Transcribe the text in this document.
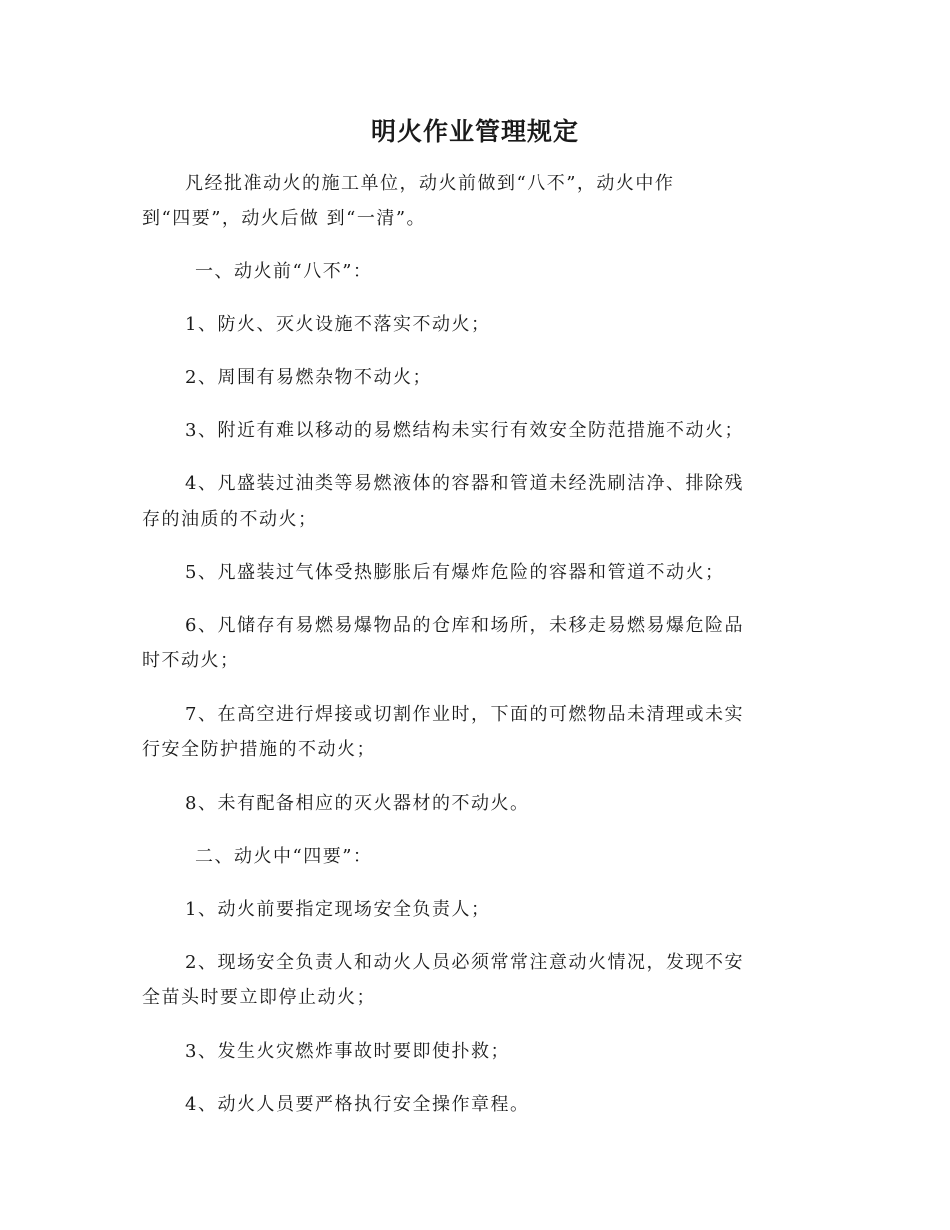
明火作业管理规定
凡经批准动火的施工单位，动火前做到“八不”，动火中作
到“四要”，动火后做 到“一清”。
一、动火前“八不”：
1、防火、灭火设施不落实不动火；
2、周围有易燃杂物不动火；
3、附近有难以移动的易燃结构未实行有效安全防范措施不动火；
4、凡盛装过油类等易燃液体的容器和管道未经洗刷洁净、排除残
存的油质的不动火；
5、凡盛装过气体受热膨胀后有爆炸危险的容器和管道不动火；
6、凡储存有易燃易爆物品的仓库和场所，未移走易燃易爆危险品
时不动火；
7、在高空进行焊接或切割作业时，下面的可燃物品未清理或未实
行安全防护措施的不动火；
8、未有配备相应的灭火器材的不动火。
二、动火中“四要”：
1、动火前要指定现场安全负责人；
2、现场安全负责人和动火人员必须常常注意动火情况，发现不安
全苗头时要立即停止动火；
3、发生火灾燃炸事故时要即使扑救；
4、动火人员要严格执行安全操作章程。
